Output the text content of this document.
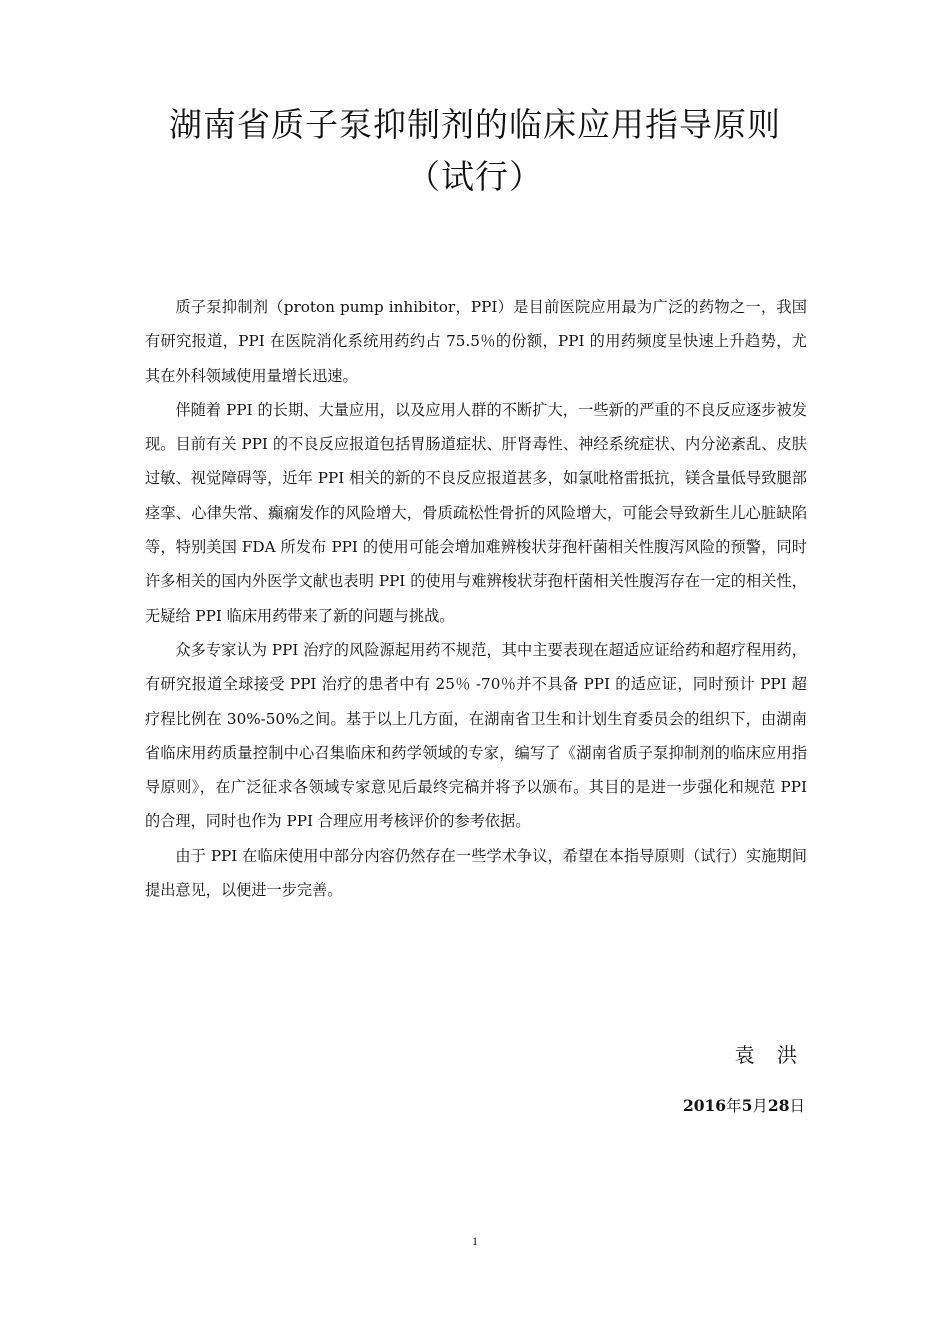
湖南省质子泵抑制剂的临床应用指导原则
（试行）

质子泵抑制剂（proton pump inhibitor，PPI）是目前医院应用最为广泛的药物之一，我国有研究报道，PPI 在医院消化系统用药约占 75.5％的份额，PPI 的用药频度呈快速上升趋势，尤其在外科领域使用量增长迅速。

伴随着 PPI 的长期、大量应用，以及应用人群的不断扩大，一些新的严重的不良反应逐步被发现。目前有关 PPI 的不良反应报道包括胃肠道症状、肝肾毒性、神经系统症状、内分泌紊乱、皮肤过敏、视觉障碍等，近年 PPI 相关的新的不良反应报道甚多，如氯吡格雷抵抗，镁含量低导致腿部痉挛、心律失常、癫痫发作的风险增大，骨质疏松性骨折的风险增大，可能会导致新生儿心脏缺陷等，特别美国 FDA 所发布 PPI 的使用可能会增加难辨梭状芽孢杆菌相关性腹泻风险的预警，同时许多相关的国内外医学文献也表明 PPI 的使用与难辨梭状芽孢杆菌相关性腹泻存在一定的相关性，无疑给 PPI 临床用药带来了新的问题与挑战。

众多专家认为 PPI 治疗的风险源起用药不规范，其中主要表现在超适应证给药和超疗程用药，有研究报道全球接受 PPI 治疗的患者中有 25％ -70％并不具备 PPI 的适应证，同时预计 PPI 超疗程比例在 30%-50%之间。基于以上几方面，在湖南省卫生和计划生育委员会的组织下，由湖南省临床用药质量控制中心召集临床和药学领域的专家，编写了《湖南省质子泵抑制剂的临床应用指导原则》，在广泛征求各领域专家意见后最终完稿并将予以颁布。其目的是进一步强化和规范 PPI 的合理，同时也作为 PPI 合理应用考核评价的参考依据。

由于 PPI 在临床使用中部分内容仍然存在一些学术争议，希望在本指导原则（试行）实施期间提出意见，以便进一步完善。

袁 洪
2016年5月28日
1
